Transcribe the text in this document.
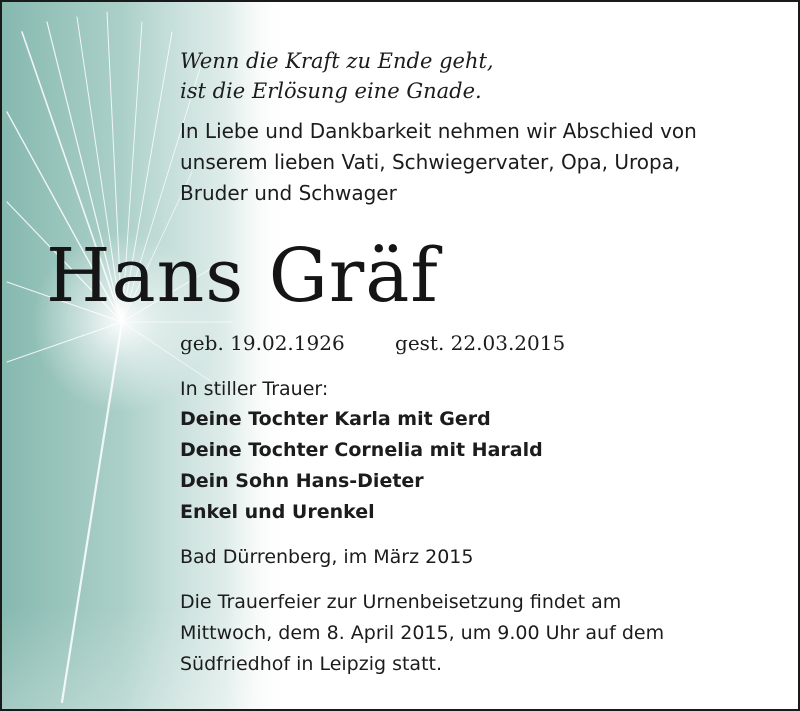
Wenn die Kraft zu Ende geht,
ist die Erlösung eine Gnade.
In Liebe und Dankbarkeit nehmen wir Abschied von
unserem lieben Vati, Schwiegervater, Opa, Uropa,
Bruder und Schwager
Hans Gräf
geb. 19.02.1926	gest. 22.03.2015
In stiller Trauer:
Deine Tochter Karla mit Gerd
Deine Tochter Cornelia mit Harald
Dein Sohn Hans-Dieter
Enkel und Urenkel
Bad Dürrenberg, im März 2015
Die Trauerfeier zur Urnenbeisetzung findet am
Mittwoch, dem 8. April 2015, um 9.00 Uhr auf dem
Südfriedhof in Leipzig statt.
